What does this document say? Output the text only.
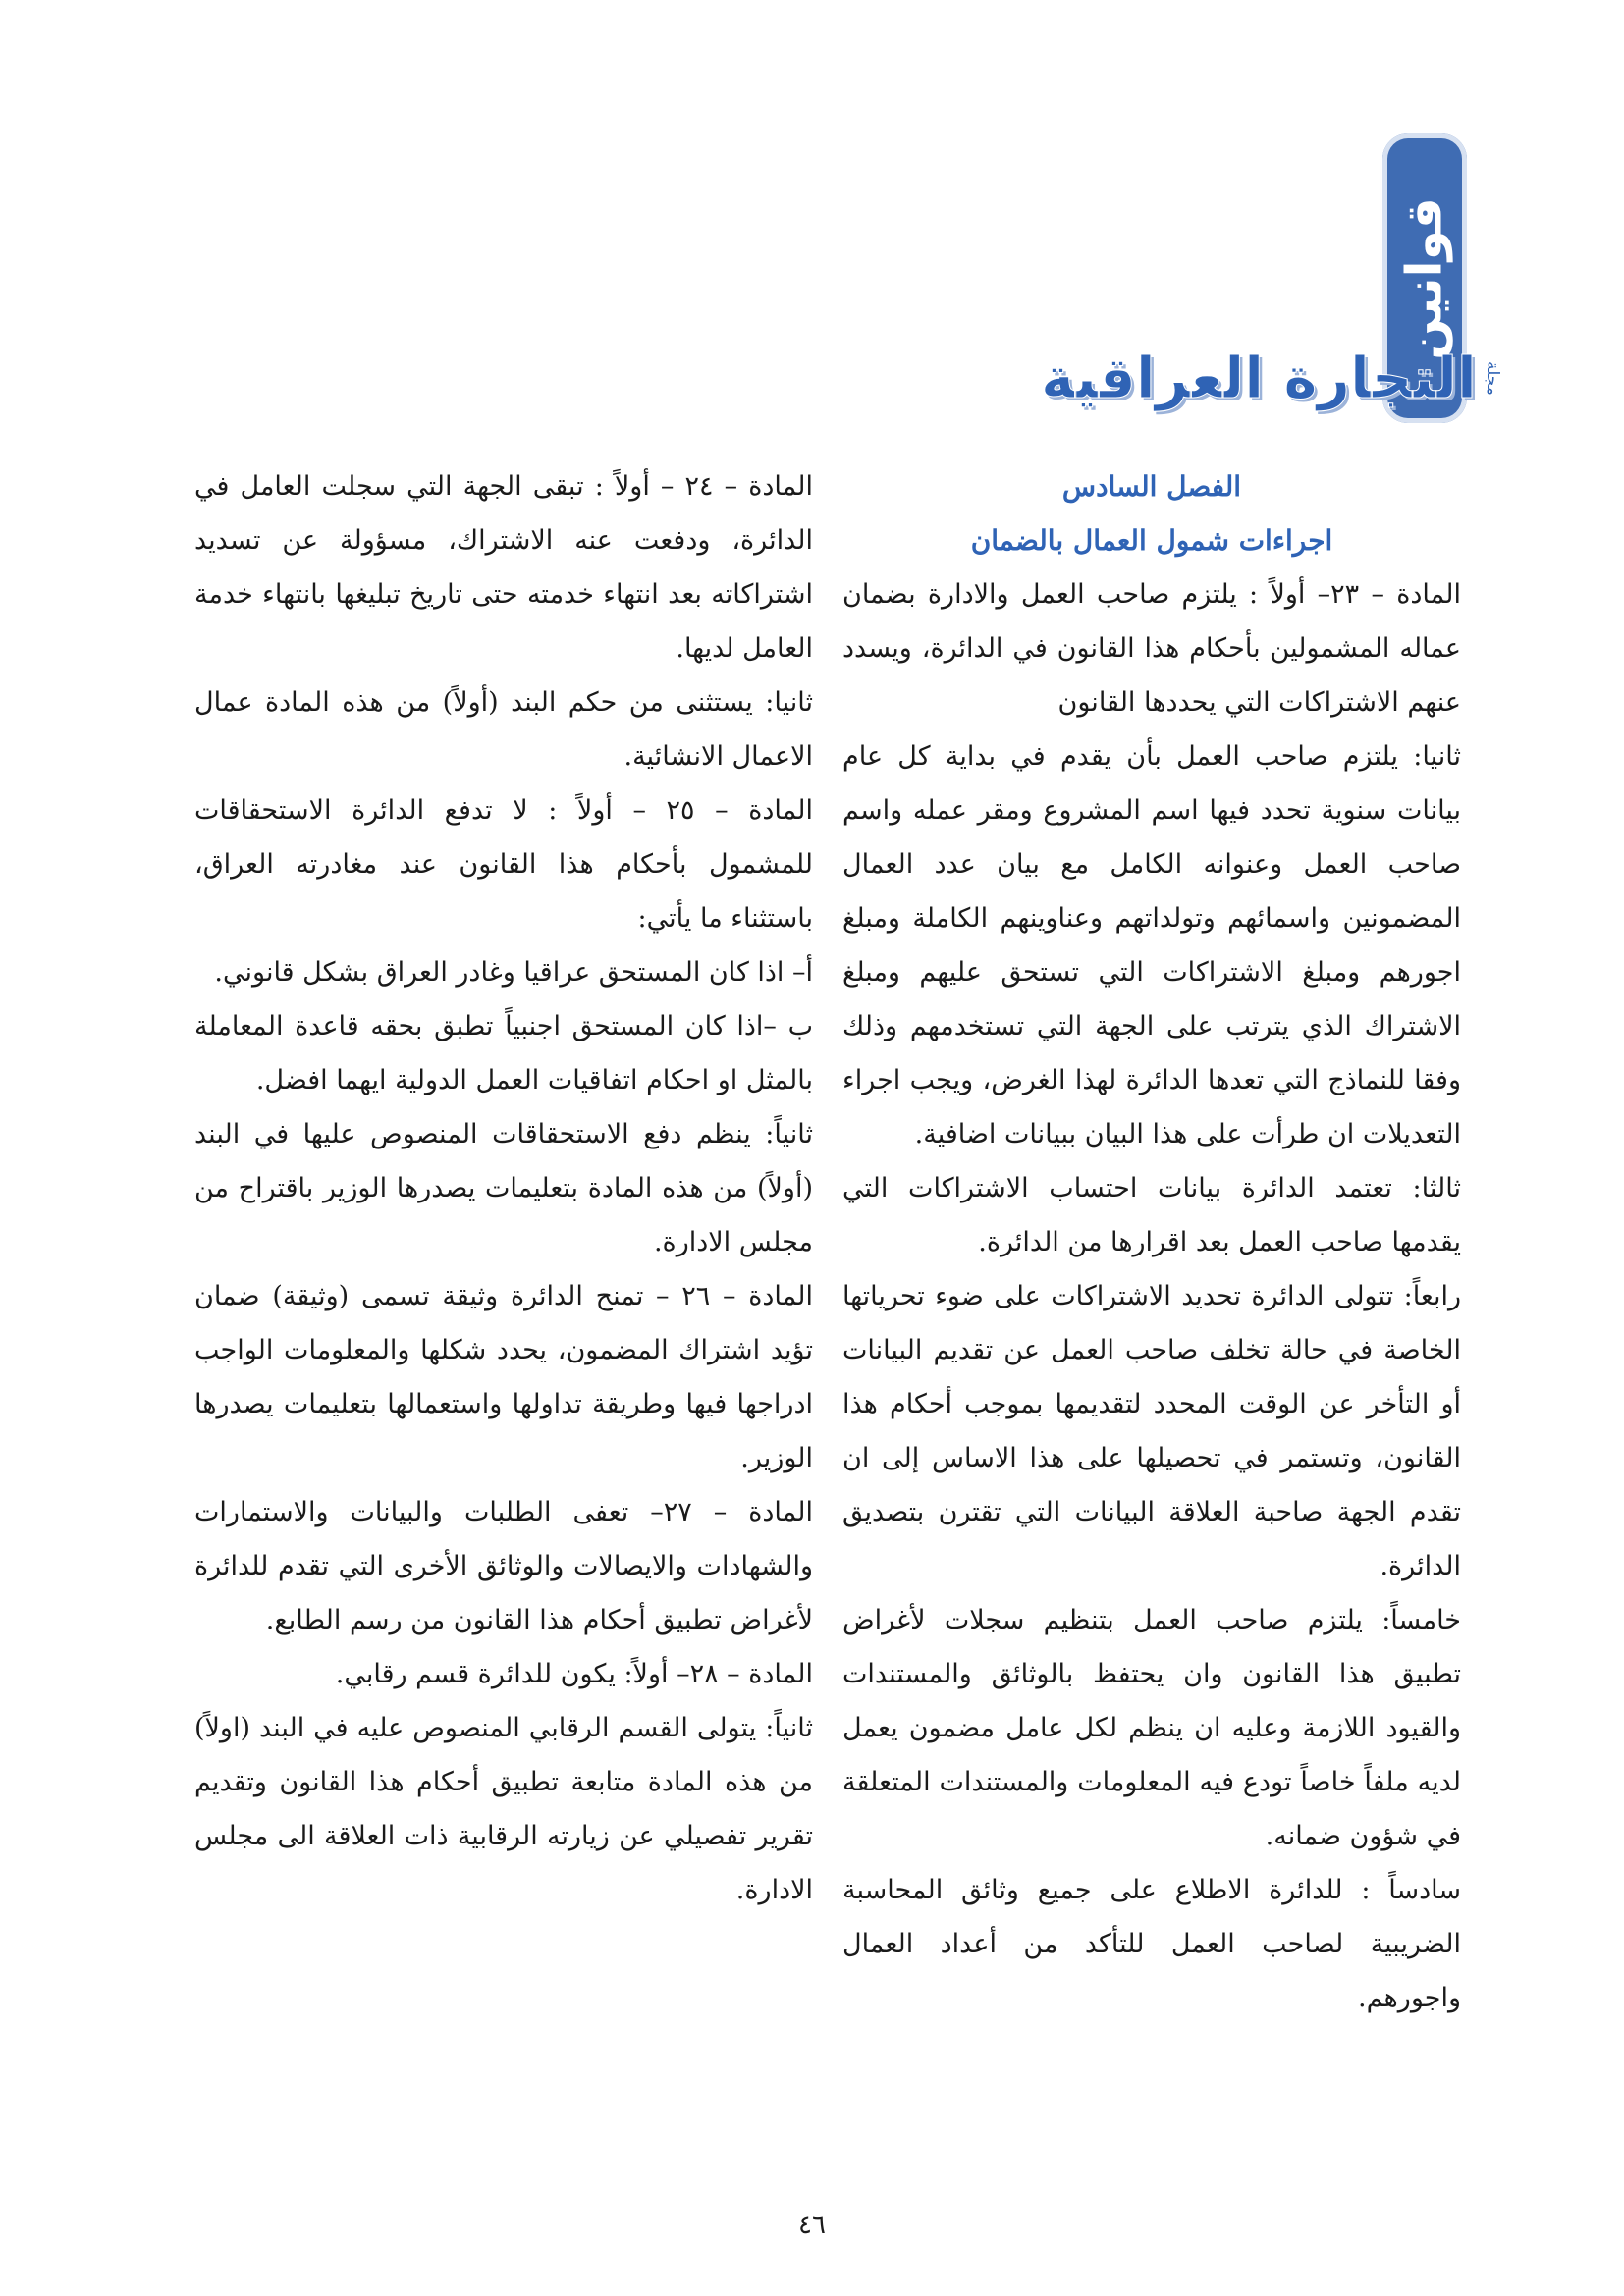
قوانين
مجلة
التجارة العراقية
الفصل السادس
اجراءات شمول العمال بالضمان

المادة – ٢٣– أولاً : يلتزم صاحب العمل والادارة بضمان عماله المشمولين بأحكام هذا القانون في الدائرة، ويسدد عنهم الاشتراكات التي يحددها القانون

ثانيا: يلتزم صاحب العمل بأن يقدم في بداية كل عام بيانات سنوية تحدد فيها اسم المشروع ومقر عمله واسم صاحب العمل وعنوانه الكامل مع بيان عدد العمال المضمونين واسمائهم وتولداتهم وعناوينهم الكاملة ومبلغ اجورهم ومبلغ الاشتراكات التي تستحق عليهم ومبلغ الاشتراك الذي يترتب على الجهة التي تستخدمهم وذلك وفقا للنماذج التي تعدها الدائرة لهذا الغرض، ويجب اجراء التعديلات ان طرأت على هذا البيان ببيانات اضافية.

ثالثا: تعتمد الدائرة بيانات احتساب الاشتراكات التي يقدمها صاحب العمل بعد اقرارها من الدائرة.

رابعاً: تتولى الدائرة تحديد الاشتراكات على ضوء تحرياتها الخاصة في حالة تخلف صاحب العمل عن تقديم البيانات أو التأخر عن الوقت المحدد لتقديمها بموجب أحكام هذا القانون، وتستمر في تحصيلها على هذا الاساس إلى ان تقدم الجهة صاحبة العلاقة البيانات التي تقترن بتصديق الدائرة.

خامساً: يلتزم صاحب العمل بتنظيم سجلات لأغراض تطبيق هذا القانون وان يحتفظ بالوثائق والمستندات والقيود اللازمة وعليه ان ينظم لكل عامل مضمون يعمل لديه ملفاً خاصاً تودع فيه المعلومات والمستندات المتعلقة في شؤون ضمانه.

سادساً : للدائرة الاطلاع على جميع وثائق المحاسبة الضريبية لصاحب العمل للتأكد من أعداد العمال واجورهم.

المادة – ٢٤ – أولاً : تبقى الجهة التي سجلت العامل في الدائرة، ودفعت عنه الاشتراك، مسؤولة عن تسديد اشتراكاته بعد انتهاء خدمته حتى تاريخ تبليغها بانتهاء خدمة العامل لديها.

ثانيا: يستثنى من حكم البند (أولاً) من هذه المادة عمال الاعمال الانشائية.

المادة – ٢٥ – أولاً : لا تدفع الدائرة الاستحقاقات للمشمول بأحكام هذا القانون عند مغادرته العراق، باستثناء ما يأتي:

أ– اذا كان المستحق عراقيا وغادر العراق بشكل قانوني.

ب –اذا كان المستحق اجنبياً تطبق بحقه قاعدة المعاملة بالمثل او احكام اتفاقيات العمل الدولية ايهما افضل.

ثانياً: ينظم دفع الاستحقاقات المنصوص عليها في البند (أولاً) من هذه المادة بتعليمات يصدرها الوزير باقتراح من مجلس الادارة.

المادة – ٢٦ – تمنح الدائرة وثيقة تسمى (وثيقة) ضمان تؤيد اشتراك المضمون، يحدد شكلها والمعلومات الواجب ادراجها فيها وطريقة تداولها واستعمالها بتعليمات يصدرها الوزير.

المادة – ٢٧– تعفى الطلبات والبيانات والاستمارات والشهادات والايصالات والوثائق الأخرى التي تقدم للدائرة لأغراض تطبيق أحكام هذا القانون من رسم الطابع.

المادة – ٢٨– أولاً: يكون للدائرة قسم رقابي.

ثانياً: يتولى القسم الرقابي المنصوص عليه في البند (اولاً) من هذه المادة متابعة تطبيق أحكام هذا القانون وتقديم تقرير تفصيلي عن زيارته الرقابية ذات العلاقة الى مجلس الادارة.

٤٦
